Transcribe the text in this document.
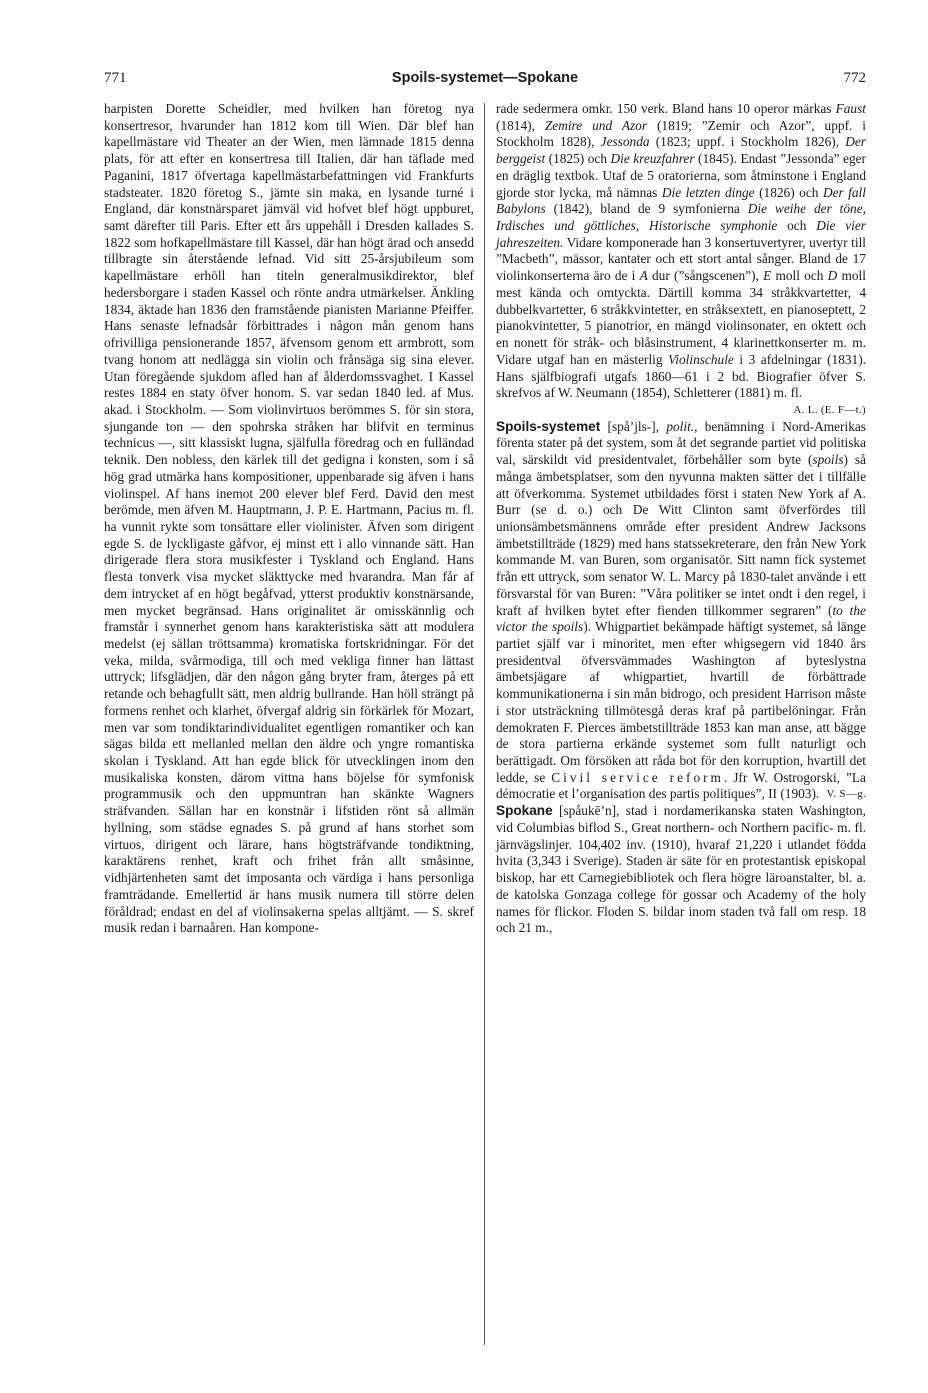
771	Spoils-systemet—Spokane	772

harpisten Dorette Scheidler, med hvilken han företog nya konsertresor, hvarunder han 1812 kom till Wien. Där blef han kapellmästare vid Theater an der Wien, men lämnade 1815 denna plats, för att efter en konsertresa till Italien, där han täflade med Paganini, 1817 öfvertaga kapellmästarbefattningen vid Frankfurts stadsteater. 1820 företog S., jämte sin maka, en lysande turné i England, där konstnärsparet jämväl vid hofvet blef högt uppburet, samt därefter till Paris. Efter ett års uppehåll i Dresden kallades S. 1822 som hofkapellmästare till Kassel, där han högt ärad och ansedd tillbragte sin återstående lefnad. Vid sitt 25-årsjubileum som kapellmästare erhöll han titeln generalmusikdirektor, blef hedersborgare i staden Kassel och rönte andra utmärkelser. Änkling 1834, äktade han 1836 den framstående pianisten Marianne Pfeiffer. Hans senaste lefnadsår förbittrades i någon mån genom hans ofrivilliga pensionerande 1857, äfvensom genom ett armbrott, som tvang honom att nedlägga sin violin och frånsäga sig sina elever. Utan föregående sjukdom afled han af ålderdomssvaghet. I Kassel restes 1884 en staty öfver honom. S. var sedan 1840 led. af Mus. akad. i Stockholm. — Som violinvirtuos berömmes S. för sin stora, sjungande ton — den spohrska stråken har blifvit en terminus technicus —, sitt klassiskt lugna, själfulla föredrag och en fulländad teknik. Den nobless, den kärlek till det gedigna i konsten, som i så hög grad utmärka hans kompositioner, uppenbarade sig äfven i hans violinspel. Af hans inemot 200 elever blef Ferd. David den mest berömde, men äfven M. Hauptmann, J. P. E. Hartmann, Pacius m. fl. ha vunnit rykte som tonsättare eller violinister. Äfven som dirigent egde S. de lyckligaste gåfvor, ej minst ett i allo vinnande sätt. Han dirigerade flera stora musikfester i Tyskland och England. Hans flesta tonverk visa mycket släkttycke med hvarandra. Man får af dem intrycket af en högt begåfvad, ytterst produktiv konstnärsande, men mycket begränsad. Hans originalitet är omisskännlig och framstår i synnerhet genom hans karakteristiska sätt att modulera medelst (ej sällan tröttsamma) kromatiska fortskridningar. För det veka, milda, svårmodiga, till och med vekliga finner han lättast uttryck; lifsglädjen, där den någon gång bryter fram, återges på ett retande och behagfullt sätt, men aldrig bullrande. Han höll strängt på formens renhet och klarhet, öfvergaf aldrig sin förkärlek för Mozart, men var som tondiktarindividualitet egentligen romantiker och kan sägas bilda ett mellanled mellan den äldre och yngre romantiska skolan i Tyskland. Att han egde blick för utvecklingen inom den musikaliska konsten, därom vittna hans böjelse för symfonisk programmusik och den uppmuntran han skänkte Wagners sträfvanden. Sällan har en konstnär i lifstiden rönt så allmän hyllning, som städse egnades S. på grund af hans storhet som virtuos, dirigent och lärare, hans högtsträfvande tondiktning, karaktärens renhet, kraft och frihet från allt småsinne, vidhjärtenheten samt det imposanta och värdiga i hans personliga framträdande. Emellertid är hans musik numera till större delen föråldrad; endast en del af violinsakerna spelas alltjämt. — S. skref musik redan i barnaåren. Han kompone-

rade sedermera omkr. 150 verk. Bland hans 10 operor märkas Faust (1814), Zemire und Azor (1819; ”Zemir och Azor”, uppf. i Stockholm 1828), Jessonda (1823; uppf. i Stockholm 1826), Der berggeist (1825) och Die kreuzfahrer (1845). Endast ”Jessonda” eger en dräglig textbok. Utaf de 5 oratorierna, som åtminstone i England gjorde stor lycka, må nämnas Die letzten dinge (1826) och Der fall Babylons (1842), bland de 9 symfonierna Die weihe der töne, Irdisches und göttliches, Historische symphonie och Die vier jahreszeiten. Vidare komponerade han 3 konsertuvertyrer, uvertyr till ”Macbeth”, mässor, kantater och ett stort antal sånger. Bland de 17 violinkonserterna äro de i A dur (”sångscenen”), E moll och D moll mest kända och omtyckta. Därtill komma 34 stråkkvartetter, 4 dubbelkvartetter, 6 stråkkvintetter, en stråksextett, en pianoseptett, 2 pianokvintetter, 5 pianotrior, en mängd violinsonater, en oktett och en nonett för stråk- och blåsinstrument, 4 klarinettkonserter m. m. Vidare utgaf han en mästerlig Violinschule i 3 afdelningar (1831). Hans själfbiografi utgafs 1860—61 i 2 bd. Biografier öfver S. skrefvos af W. Neumann (1854), Schletterer (1881) m. fl.

A. L. (E. F—t.)

Spoils-systemet [spå’jls-], polit., benämning i Nord-Amerikas förenta stater på det system, som åt det segrande partiet vid politiska val, särskildt vid presidentvalet, förbehåller som byte (spoils) så många ämbetsplatser, som den nyvunna makten sätter det i tillfälle att öfverkomma. Systemet utbildades först i staten New York af A. Burr (se d. o.) och De Witt Clinton samt öfverfördes till unionsämbetsmännens område efter president Andrew Jacksons ämbetstillträde (1829) med hans statssekreterare, den från New York kommande M. van Buren, som organisatör. Sitt namn fick systemet från ett uttryck, som senator W. L. Marcy på 1830-talet använde i ett försvarstal för van Buren: ”Våra politiker se intet ondt i den regel, i kraft af hvilken bytet efter fienden tillkommer segraren” (to the victor the spoils). Whigpartiet bekämpade häftigt systemet, så länge partiet själf var i minoritet, men efter whigsegern vid 1840 års presidentval öfversvämmades Washington af byteslystna ämbetsjägare af whigpartiet, hvartill de förbättrade kommunikationerna i sin mån bidrogo, och president Harrison måste i stor utsträckning tillmötesgå deras kraf på partibelöningar. Från demokraten F. Pierces ämbetstillträde 1853 kan man anse, att bägge de stora partierna erkände systemet som fullt naturligt och berättigadt. Om försöken att råda bot för den korruption, hvartill det ledde, se Civil service reform. Jfr W. Ostrogorski, ”La démocratie et l’organisation des partis politiques”, II (1903). V. S—g.

Spokane [spåukēʼn], stad i nordamerikanska staten Washington, vid Columbias biflod S., Great northern- och Northern pacific- m. fl. järnvägslinjer. 104,402 inv. (1910), hvaraf 21,220 i utlandet födda hvita (3,343 i Sverige). Staden är säte för en protestantisk episkopal biskop, har ett Carnegiebibliotek och flera högre läroanstalter, bl. a. de katolska Gonzaga college för gossar och Academy of the holy names för flickor. Floden S. bildar inom staden två fall om resp. 18 och 21 m.,
